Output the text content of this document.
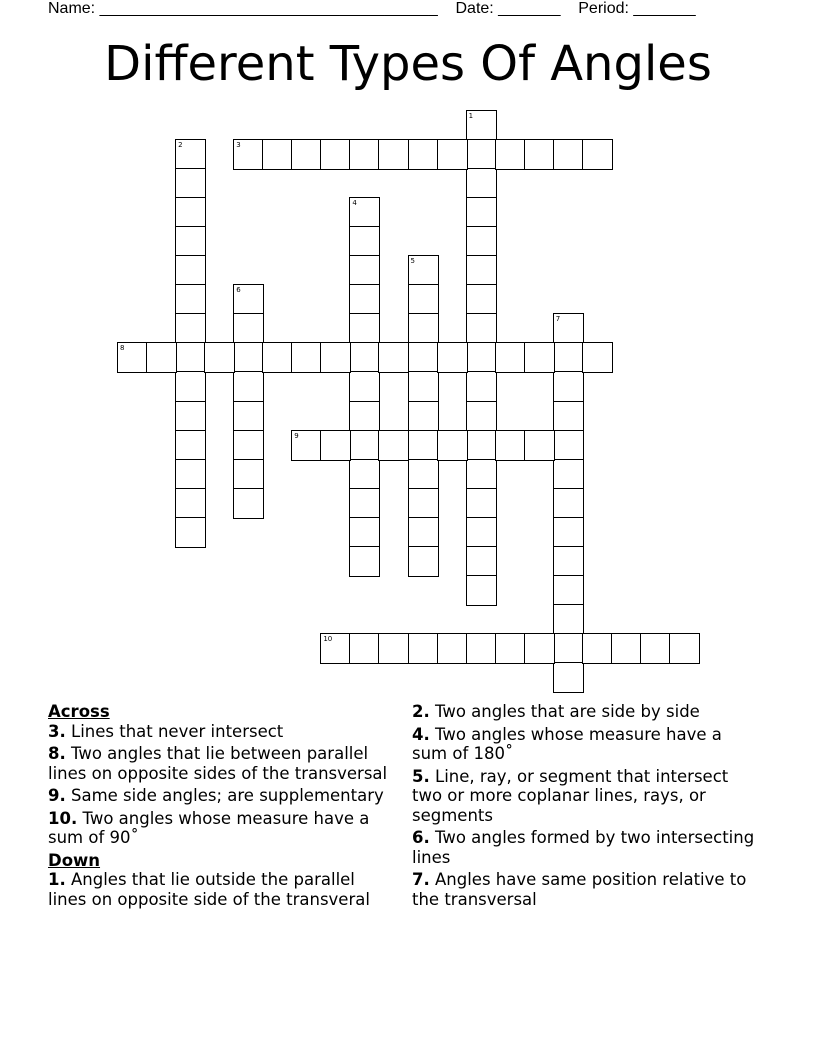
Name: ______________________________________    Date: _______    Period: _______
Different Types Of Angles
1
2	3
4
5
6
7
8
9
10

Across

3. Lines that never intersect

8. Two angles that lie between parallel lines on opposite sides of the transversal

9. Same side angles; are supplementary

10. Two angles whose measure have a sum of 90˚

Down

1. Angles that lie outside the parallel lines on opposite side of the transveral

2. Two angles that are side by side

4. Two angles whose measure have a sum of 180˚

5. Line, ray, or segment that intersect two or more coplanar lines, rays, or segments

6. Two angles formed by two intersecting lines

7. Angles have same position relative to the transversal
